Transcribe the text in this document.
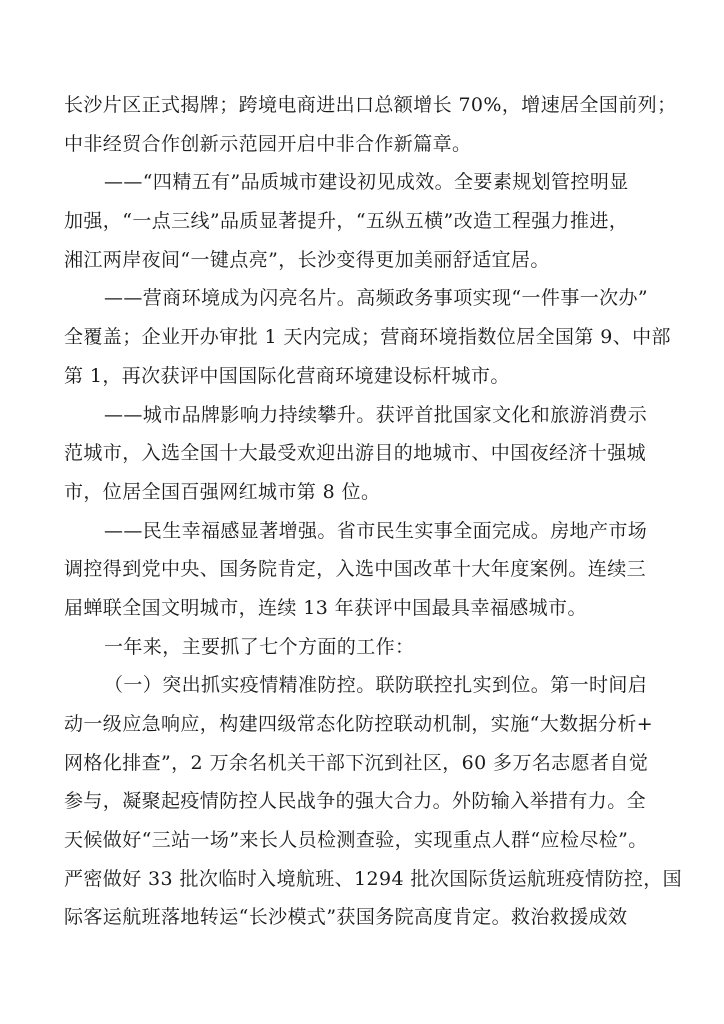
长沙片区正式揭牌；跨境电商进出口总额增长 70%，增速居全国前列；
中非经贸合作创新示范园开启中非合作新篇章。
——“四精五有”品质城市建设初见成效。全要素规划管控明显
加强，“一点三线”品质显著提升，“五纵五横”改造工程强力推进，
湘江两岸夜间“一键点亮”，长沙变得更加美丽舒适宜居。
——营商环境成为闪亮名片。高频政务事项实现“一件事一次办”
全覆盖；企业开办审批 1 天内完成；营商环境指数位居全国第 9、中部
第 1，再次获评中国国际化营商环境建设标杆城市。
——城市品牌影响力持续攀升。获评首批国家文化和旅游消费示
范城市，入选全国十大最受欢迎出游目的地城市、中国夜经济十强城
市，位居全国百强网红城市第 8 位。
——民生幸福感显著增强。省市民生实事全面完成。房地产市场
调控得到党中央、国务院肯定，入选中国改革十大年度案例。连续三
届蝉联全国文明城市，连续 13 年获评中国最具幸福感城市。
一年来，主要抓了七个方面的工作：
（一）突出抓实疫情精准防控。联防联控扎实到位。第一时间启
动一级应急响应，构建四级常态化防控联动机制，实施“大数据分析+
网格化排查”，2 万余名机关干部下沉到社区，60 多万名志愿者自觉
参与，凝聚起疫情防控人民战争的强大合力。外防输入举措有力。全
天候做好“三站一场”来长人员检测查验，实现重点人群“应检尽检”。
严密做好 33 批次临时入境航班、1294 批次国际货运航班疫情防控，国
际客运航班落地转运“长沙模式”获国务院高度肯定。救治救援成效
